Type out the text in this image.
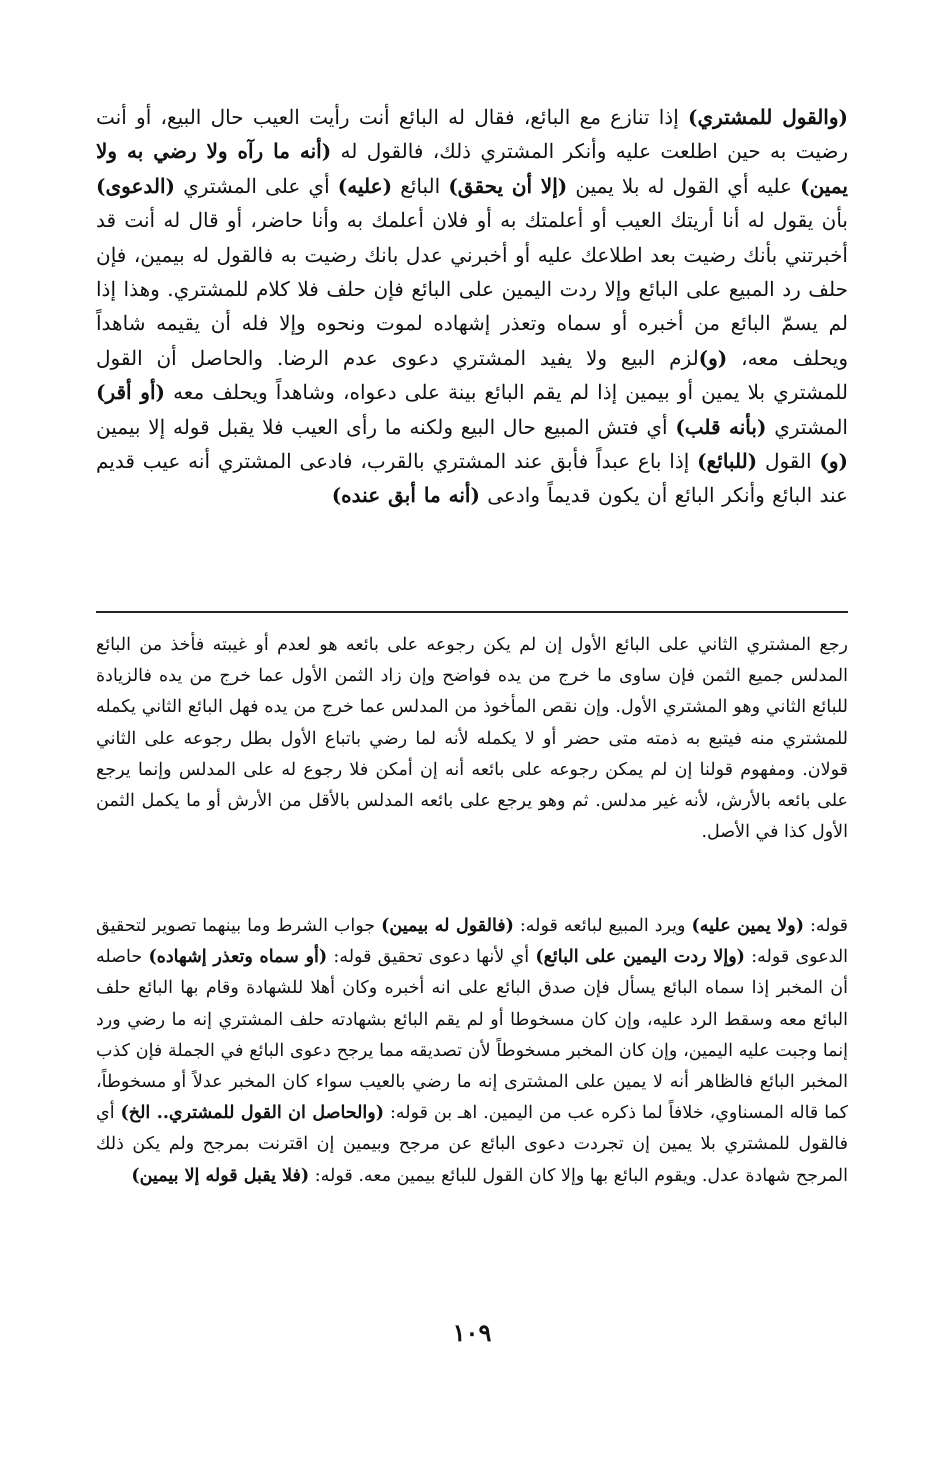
(والقول للمشتري) إذا تنازع مع البائع، فقال له البائع أنت رأيت العيب حال البيع، أو أنت رضيت به حين اطلعت عليه وأنكر المشتري ذلك، فالقول له (أنه ما رآه ولا رضي به ولا يمين) عليه أي القول له بلا يمين (إلا أن يحقق) البائع (عليه) أي على المشتري (الدعوى) بأن يقول له أنا أريتك العيب أو أعلمتك به أو فلان أعلمك به وأنا حاضر، أو قال له أنت قد أخبرتني بأنك رضيت بعد اطلاعك عليه أو أخبرني عدل بانك رضيت به فالقول له بيمين، فإن حلف رد المبيع على البائع وإلا ردت اليمين على البائع فإن حلف فلا كلام للمشتري. وهذا إذا لم يسمّ البائع من أخبره أو سماه وتعذر إشهاده لموت ونحوه وإلا فله أن يقيمه شاهداً ويحلف معه، (و)لزم البيع ولا يفيد المشتري دعوى عدم الرضا. والحاصل أن القول للمشتري بلا يمين أو بيمين إذا لم يقم البائع بينة على دعواه، وشاهداً ويحلف معه (أو أقر) المشتري (بأنه قلب) أي فتش المبيع حال البيع ولكنه ما رأى العيب فلا يقبل قوله إلا بيمين (و) القول (للبائع) إذا باع عبداً فأبق عند المشتري بالقرب، فادعى المشتري أنه عيب قديم عند البائع وأنكر البائع أن يكون قديماً وادعى (أنه ما أبق عنده)
رجع المشتري الثاني على البائع الأول إن لم يكن رجوعه على بائعه هو لعدم أو غيبته فأخذ من البائع المدلس جميع الثمن فإن ساوى ما خرج من يده فواضح وإن زاد الثمن الأول عما خرج من يده فالزيادة للبائع الثاني وهو المشتري الأول. وإن نقص المأخوذ من المدلس عما خرج من يده فهل البائع الثاني يكمله للمشتري منه فيتبع به ذمته متى حضر أو لا يكمله لأنه لما رضي باتباع الأول بطل رجوعه على الثاني قولان. ومفهوم قولنا إن لم يمكن رجوعه على بائعه أنه إن أمكن فلا رجوع له على المدلس وإنما يرجع على بائعه بالأرش، لأنه غير مدلس. ثم وهو يرجع على بائعه المدلس بالأقل من الأرش أو ما يكمل الثمن الأول كذا في الأصل.
قوله: (ولا يمين عليه) ويرد المبيع لبائعه قوله: (فالقول له بيمين) جواب الشرط وما بينهما تصوير لتحقيق الدعوى قوله: (وإلا ردت اليمين على البائع) أي لأنها دعوى تحقيق قوله: (أو سماه وتعذر إشهاده) حاصله أن المخبر إذا سماه البائع يسأل فإن صدق البائع على انه أخبره وكان أهلا للشهادة وقام بها البائع حلف البائع معه وسقط الرد عليه، وإن كان مسخوطا أو لم يقم البائع بشهادته حلف المشتري إنه ما رضي ورد إنما وجبت عليه اليمين، وإن كان المخبر مسخوطاً لأن تصديقه مما يرجح دعوى البائع في الجملة فإن كذب المخبر البائع فالظاهر أنه لا يمين على المشترى إنه ما رضي بالعيب سواء كان المخبر عدلاً أو مسخوطاً، كما قاله المسناوي، خلافاً لما ذكره عب من اليمين. اهـ بن قوله: (والحاصل ان القول للمشتري.. الخ) أي فالقول للمشتري بلا يمين إن تجردت دعوى البائع عن مرجح وبيمين إن اقترنت بمرجح ولم يكن ذلك المرجح شهادة عدل. ويقوم البائع بها وإلا كان القول للبائع بيمين معه. قوله: (فلا يقبل قوله إلا بيمين)
١٠٩
